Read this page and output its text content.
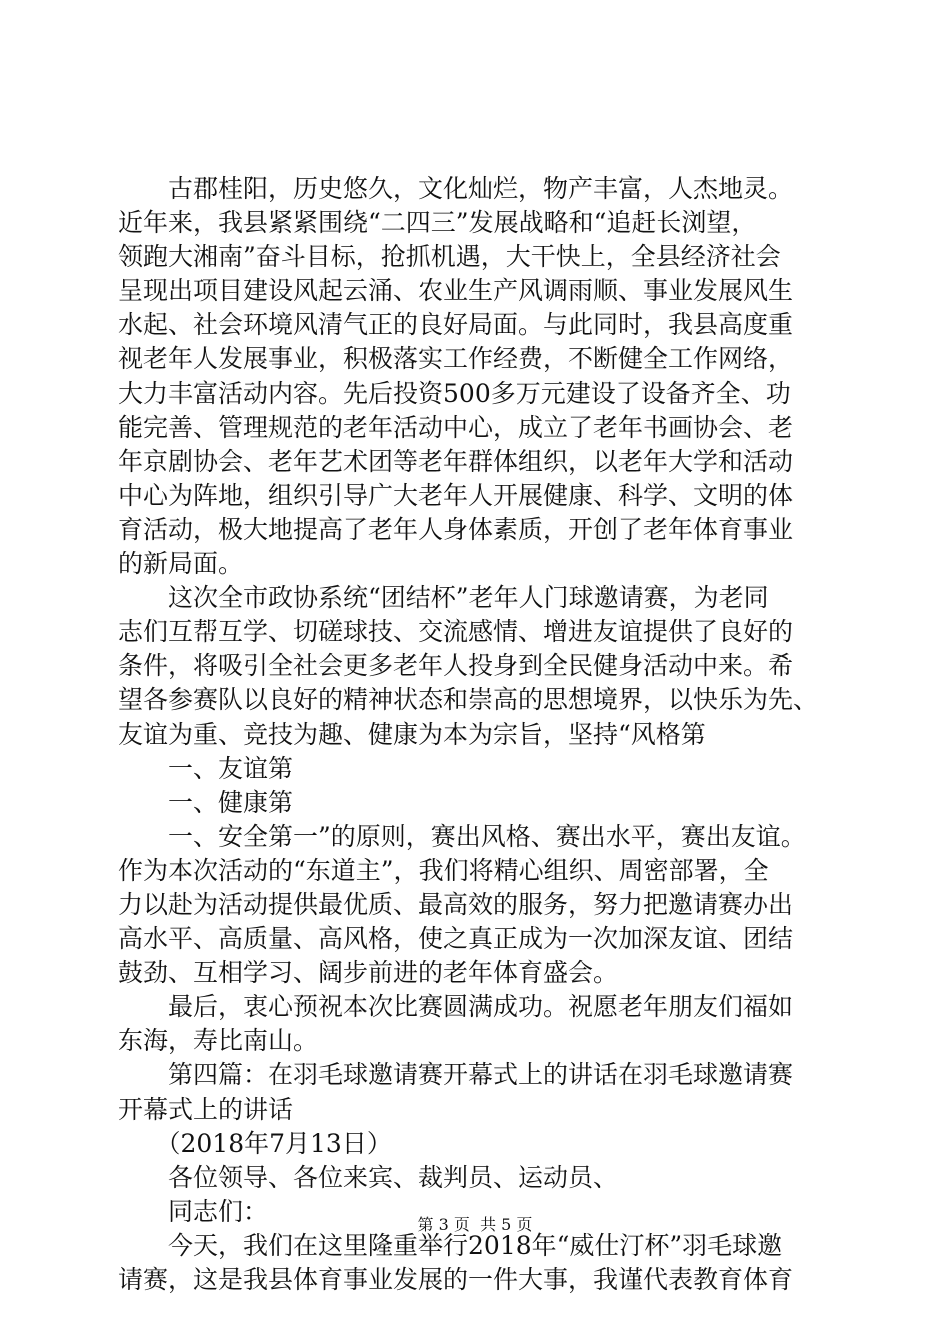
　　古郡桂阳，历史悠久，文化灿烂，物产丰富，人杰地灵。
近年来，我县紧紧围绕“二四三”发展战略和“追赶长浏望，
领跑大湘南”奋斗目标，抢抓机遇，大干快上，全县经济社会
呈现出项目建设风起云涌、农业生产风调雨顺、事业发展风生
水起、社会环境风清气正的良好局面。与此同时，我县高度重
视老年人发展事业，积极落实工作经费，不断健全工作网络，
大力丰富活动内容。先后投资500多万元建设了设备齐全、功
能完善、管理规范的老年活动中心，成立了老年书画协会、老
年京剧协会、老年艺术团等老年群体组织，以老年大学和活动
中心为阵地，组织引导广大老年人开展健康、科学、文明的体
育活动，极大地提高了老年人身体素质，开创了老年体育事业
的新局面。
　　这次全市政协系统“团结杯”老年人门球邀请赛，为老同
志们互帮互学、切磋球技、交流感情、增进友谊提供了良好的
条件，将吸引全社会更多老年人投身到全民健身活动中来。希
望各参赛队以良好的精神状态和崇高的思想境界，以快乐为先、
友谊为重、竞技为趣、健康为本为宗旨，坚持“风格第
　　一、友谊第
　　一、健康第
　　一、安全第一”的原则，赛出风格、赛出水平，赛出友谊。
作为本次活动的“东道主”，我们将精心组织、周密部署，全
力以赴为活动提供最优质、最高效的服务，努力把邀请赛办出
高水平、高质量、高风格，使之真正成为一次加深友谊、团结
鼓劲、互相学习、阔步前进的老年体育盛会。
　　最后，衷心预祝本次比赛圆满成功。祝愿老年朋友们福如
东海，寿比南山。
　　第四篇：在羽毛球邀请赛开幕式上的讲话在羽毛球邀请赛
开幕式上的讲话
　　（2018年7月13日）
　　各位领导、各位来宾、裁判员、运动员、
　　同志们：
　　今天，我们在这里隆重举行2018年“威仕汀杯”羽毛球邀
请赛，这是我县体育事业发展的一件大事，我谨代表教育体育
第 3 页  共 5 页
